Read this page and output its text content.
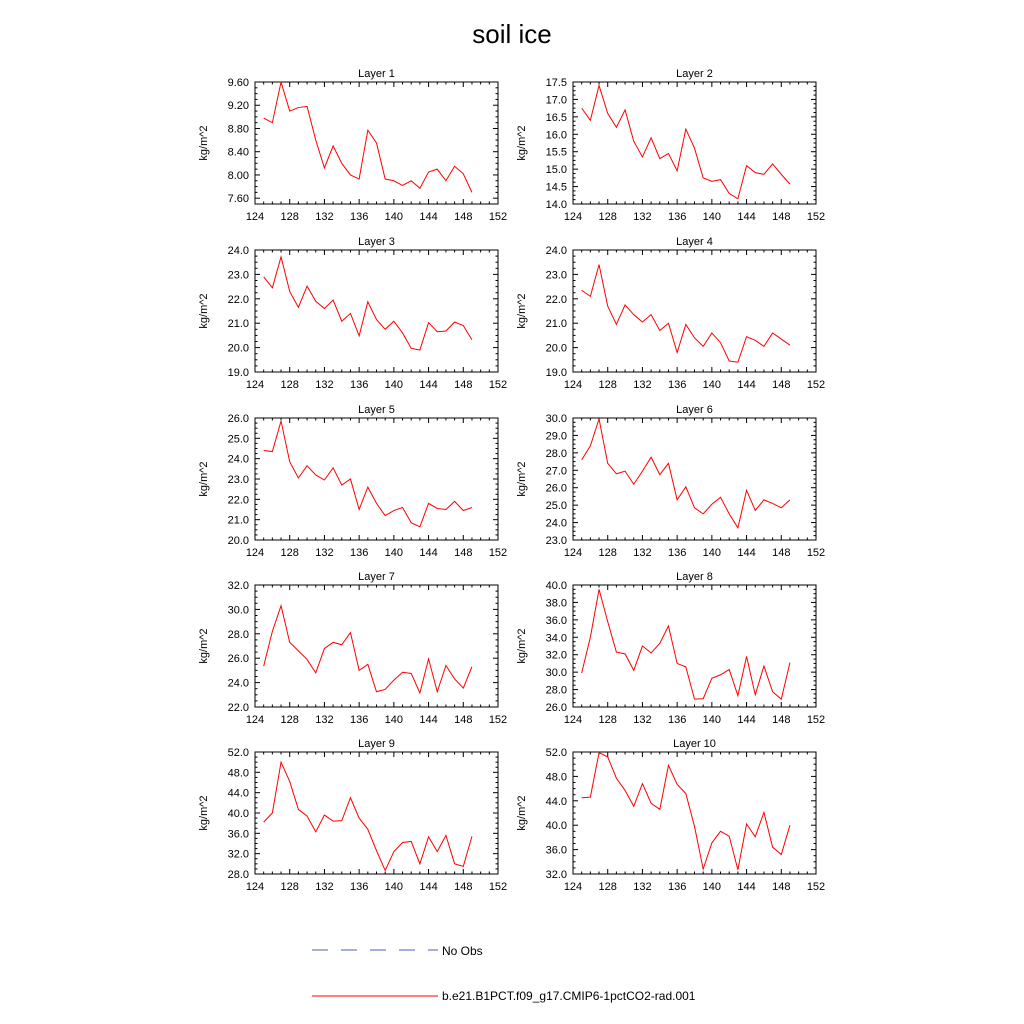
soil ice
Layer 1
kg/m^2
124 128 132 136 140 144 148 152
7.60
8.00
8.40
8.80
9.20
9.60
Layer 2
kg/m^2
124 128 132 136 140 144 148 152
14.0
14.5
15.0
15.5
16.0
16.5
17.0
17.5
Layer 3
kg/m^2
124 128 132 136 140 144 148 152
19.0
20.0
21.0
22.0
23.0
24.0
Layer 4
kg/m^2
124 128 132 136 140 144 148 152
19.0
20.0
21.0
22.0
23.0
24.0
Layer 5
kg/m^2
124 128 132 136 140 144 148 152
20.0
21.0
22.0
23.0
24.0
25.0
26.0
Layer 6
kg/m^2
124 128 132 136 140 144 148 152
23.0
24.0
25.0
26.0
27.0
28.0
29.0
30.0
Layer 7
kg/m^2
124 128 132 136 140 144 148 152
22.0
24.0
26.0
28.0
30.0
32.0
Layer 8
kg/m^2
124 128 132 136 140 144 148 152
26.0
28.0
30.0
32.0
34.0
36.0
38.0
40.0
Layer 9
kg/m^2
124 128 132 136 140 144 148 152
28.0
32.0
36.0
40.0
44.0
48.0
52.0
Layer 10
kg/m^2
124 128 132 136 140 144 148 152
32.0
36.0
40.0
44.0
48.0
52.0
No Obs
b.e21.B1PCT.f09_g17.CMIP6-1pctCO2-rad.001
